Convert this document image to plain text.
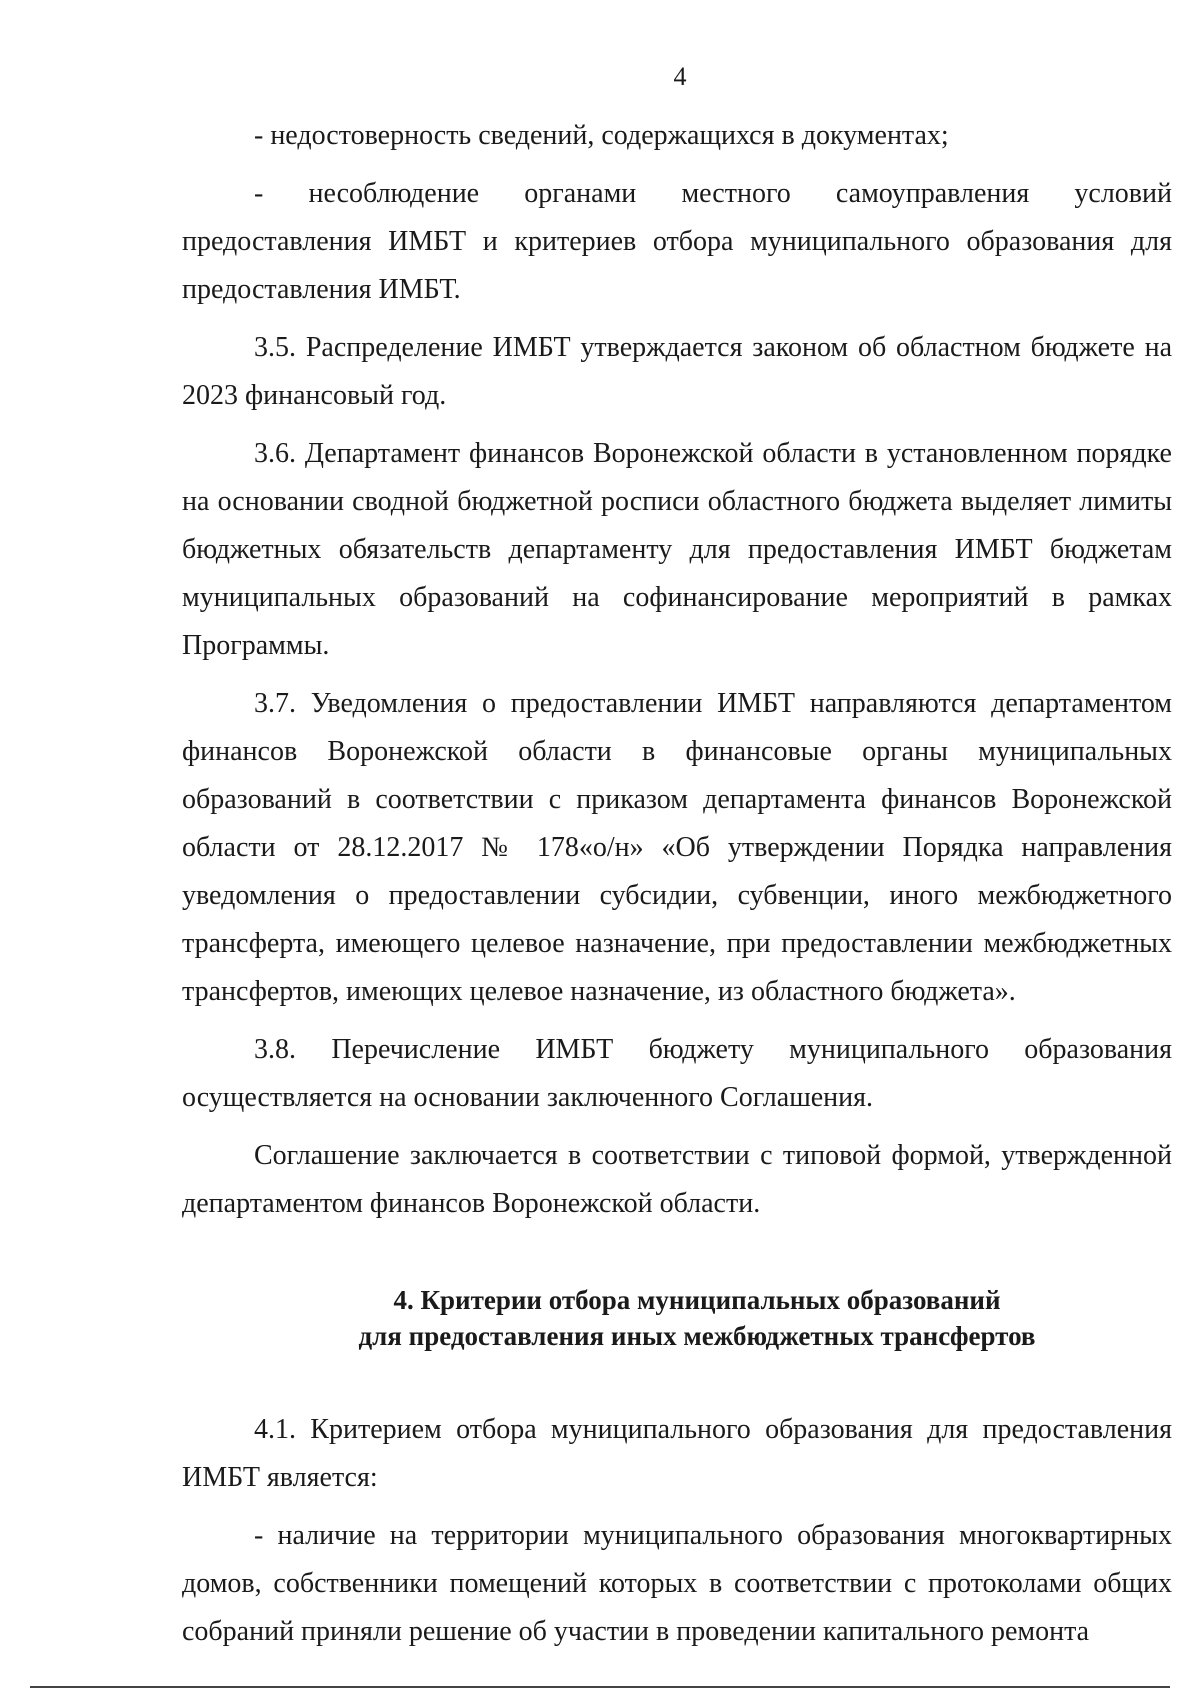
4

- недостоверность сведений, содержащихся в документах;

- несоблюдение органами местного самоуправления условий предоставления ИМБТ и критериев отбора муниципального образования для предоставления ИМБТ.

3.5. Распределение ИМБТ утверждается законом об областном бюджете на 2023 финансовый год.

3.6. Департамент финансов Воронежской области в установленном порядке на основании сводной бюджетной росписи областного бюджета выделяет лимиты бюджетных обязательств департаменту для предоставления ИМБТ бюджетам муниципальных образований на софинансирование мероприятий в рамках Программы.

3.7. Уведомления о предоставлении ИМБТ направляются департаментом финансов Воронежской области в финансовые органы муниципальных образований в соответствии с приказом департамента финансов Воронежской области от 28.12.2017 № 178«о/н» «Об утверждении Порядка направления уведомления о предоставлении субсидии, субвенции, иного межбюджетного трансферта, имеющего целевое назначение, при предоставлении межбюджетных трансфертов, имеющих целевое назначение, из областного бюджета».

3.8. Перечисление ИМБТ бюджету муниципального образования осуществляется на основании заключенного Соглашения.

Соглашение заключается в соответствии с типовой формой, утвержденной департаментом финансов Воронежской области.

4. Критерии отбора муниципальных образований
для предоставления иных межбюджетных трансфертов

4.1. Критерием отбора муниципального образования для предоставления ИМБТ является:

- наличие на территории муниципального образования многоквартирных домов, собственники помещений которых в соответствии с протоколами общих собраний приняли решение об участии в проведении капитального ремонта
